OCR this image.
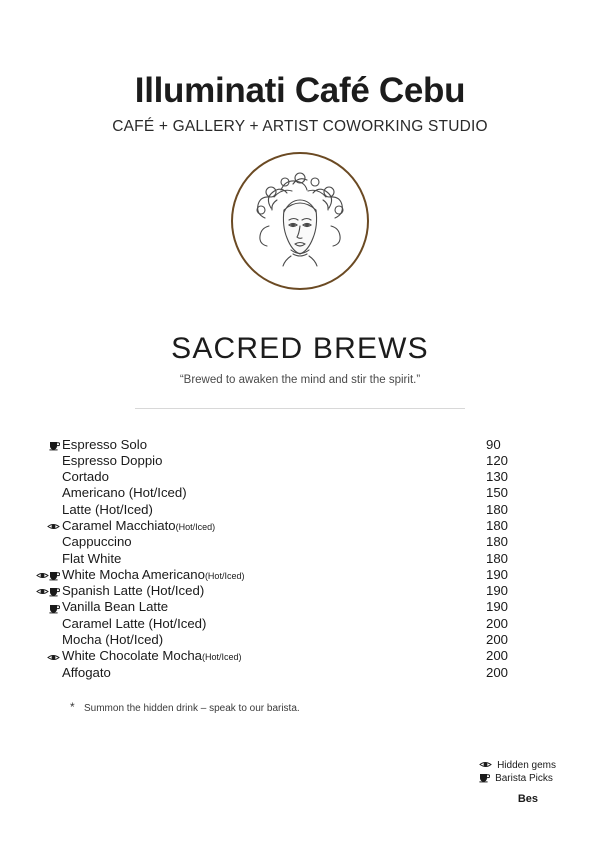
Illuminati Café Cebu
CAFÉ + GALLERY + ARTIST COWORKING STUDIO
SACRED BREWS
“Brewed to awaken the mind and stir the spirit.”
Espresso Solo	90
Espresso Doppio	120
Cortado	130
Americano (Hot/Iced)	150
Latte (Hot/Iced)	180
Caramel Macchiato (Hot/Iced)	180
Cappuccino	180
Flat White	180
White Mocha Americano (Hot/Iced)	190
Spanish Latte (Hot/Iced)	190
Vanilla Bean Latte	190
Caramel Latte (Hot/Iced)	200
Mocha (Hot/Iced)	200
White Chocolate Mocha (Hot/Iced)	200
Affogato	200
* Summon the hidden drink – speak to our barista.
Hidden gems
Barista Picks
Bes
